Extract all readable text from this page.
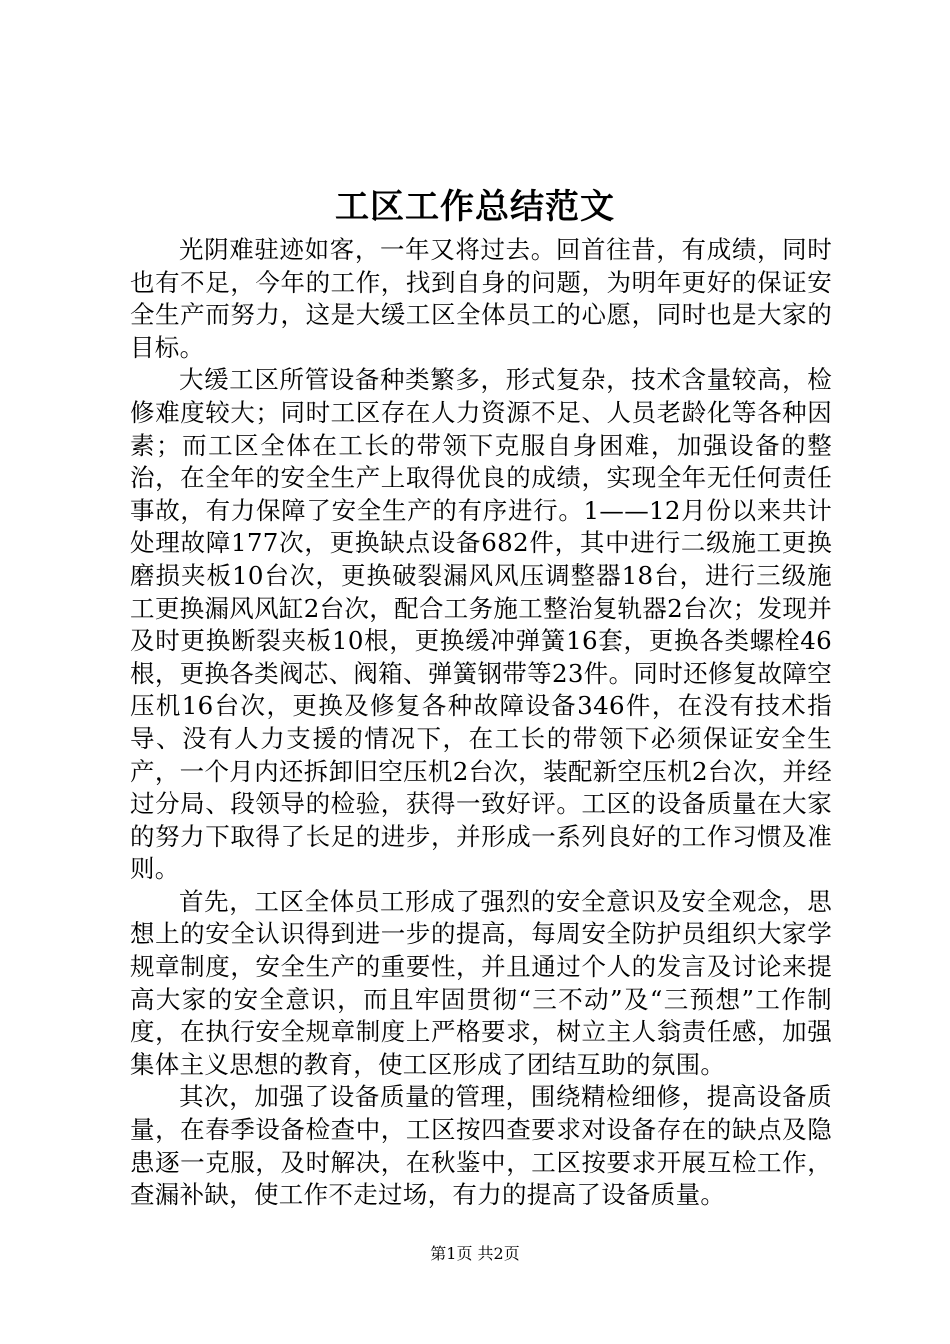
工区工作总结范文

光阴难驻迹如客，一年又将过去。回首往昔，有成绩，同时也有不足，今年的工作，找到自身的问题，为明年更好的保证安全生产而努力，这是大缓工区全体员工的心愿，同时也是大家的目标。

大缓工区所管设备种类繁多，形式复杂，技术含量较高，检修难度较大；同时工区存在人力资源不足、人员老龄化等各种因素；而工区全体在工长的带领下克服自身困难，加强设备的整治，在全年的安全生产上取得优良的成绩，实现全年无任何责任事故，有力保障了安全生产的有序进行。1——12月份以来共计处理故障177次，更换缺点设备682件，其中进行二级施工更换磨损夹板10台次，更换破裂漏风风压调整器18台，进行三级施工更换漏风风缸2台次，配合工务施工整治复轨器2台次；发现并及时更换断裂夹板10根，更换缓冲弹簧16套，更换各类螺栓46根，更换各类阀芯、阀箱、弹簧钢带等23件。同时还修复故障空压机16台次，更换及修复各种故障设备346件，在没有技术指导、没有人力支援的情况下，在工长的带领下必须保证安全生产，一个月内还拆卸旧空压机2台次，装配新空压机2台次，并经过分局、段领导的检验，获得一致好评。工区的设备质量在大家的努力下取得了长足的进步，并形成一系列良好的工作习惯及准则。

首先，工区全体员工形成了强烈的安全意识及安全观念，思想上的安全认识得到进一步的提高，每周安全防护员组织大家学规章制度，安全生产的重要性，并且通过个人的发言及讨论来提高大家的安全意识，而且牢固贯彻“三不动”及“三预想”工作制度，在执行安全规章制度上严格要求，树立主人翁责任感，加强集体主义思想的教育，使工区形成了团结互助的氛围。

其次，加强了设备质量的管理，围绕精检细修，提高设备质量，在春季设备检查中，工区按四查要求对设备存在的缺点及隐患逐一克服，及时解决，在秋鉴中，工区按要求开展互检工作，查漏补缺，使工作不走过场，有力的提高了设备质量。

第1页 共2页
